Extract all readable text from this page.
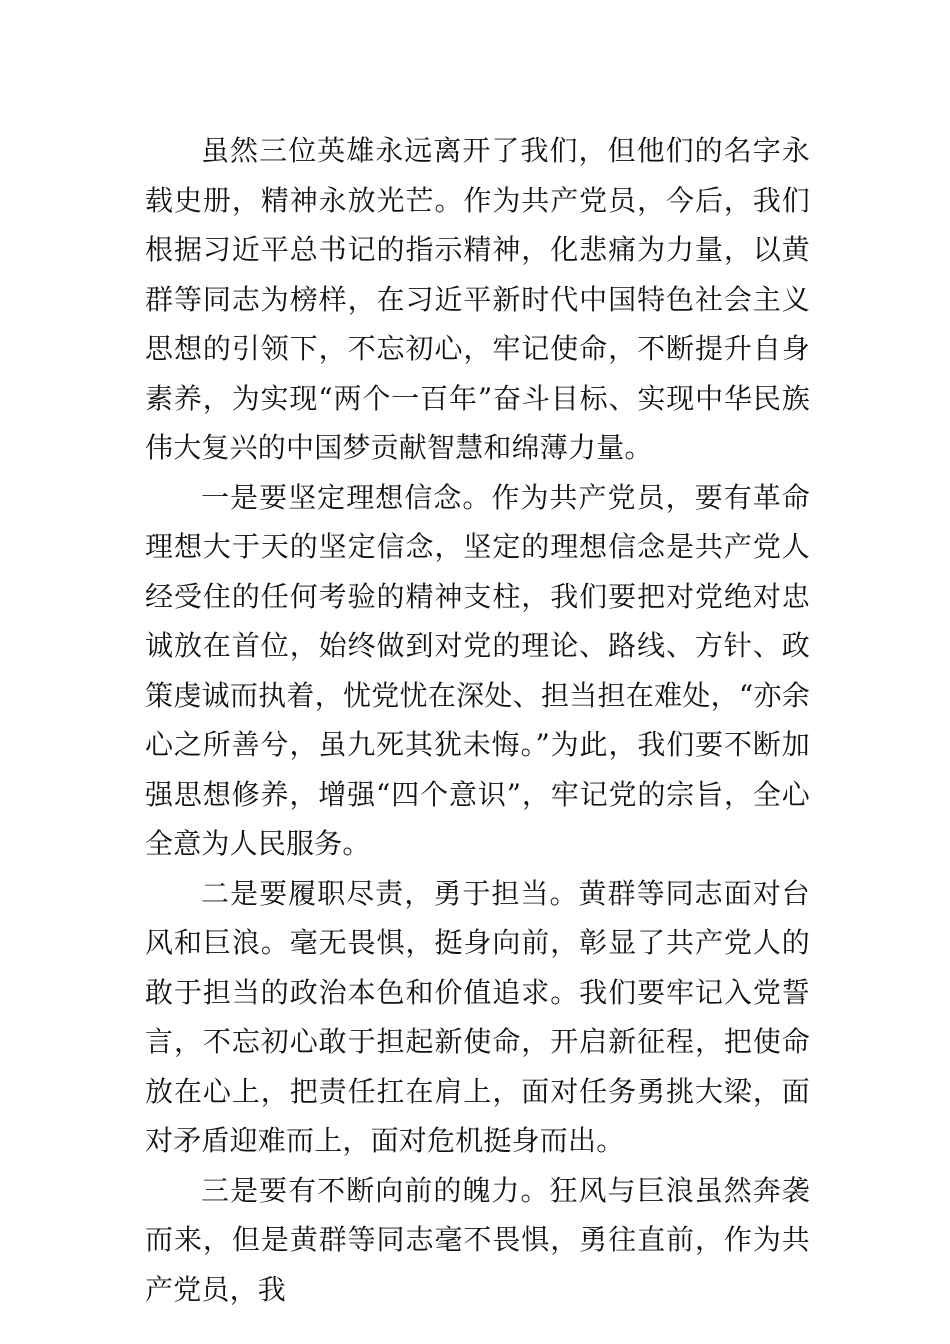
虽然三位英雄永远离开了我们，但他们的名字永载史册，精神永放光芒。作为共产党员，今后，我们根据习近平总书记的指示精神，化悲痛为力量，以黄群等同志为榜样，在习近平新时代中国特色社会主义思想的引领下，不忘初心，牢记使命，不断提升自身素养，为实现“两个一百年”奋斗目标、实现中华民族伟大复兴的中国梦贡献智慧和绵薄力量。

一是要坚定理想信念。作为共产党员，要有革命理想大于天的坚定信念，坚定的理想信念是共产党人经受住的任何考验的精神支柱，我们要把对党绝对忠诚放在首位，始终做到对党的理论、路线、方针、政策虔诚而执着，忧党忧在深处、担当担在难处，“亦余心之所善兮，虽九死其犹未悔。”为此，我们要不断加强思想修养，增强“四个意识”，牢记党的宗旨，全心全意为人民服务。

二是要履职尽责，勇于担当。黄群等同志面对台风和巨浪。毫无畏惧，挺身向前，彰显了共产党人的敢于担当的政治本色和价值追求。我们要牢记入党誓言，不忘初心敢于担起新使命，开启新征程，把使命放在心上，把责任扛在肩上，面对任务勇挑大梁，面对矛盾迎难而上，面对危机挺身而出。

三是要有不断向前的魄力。狂风与巨浪虽然奔袭而来，但是黄群等同志毫不畏惧，勇往直前，作为共产党员，我
